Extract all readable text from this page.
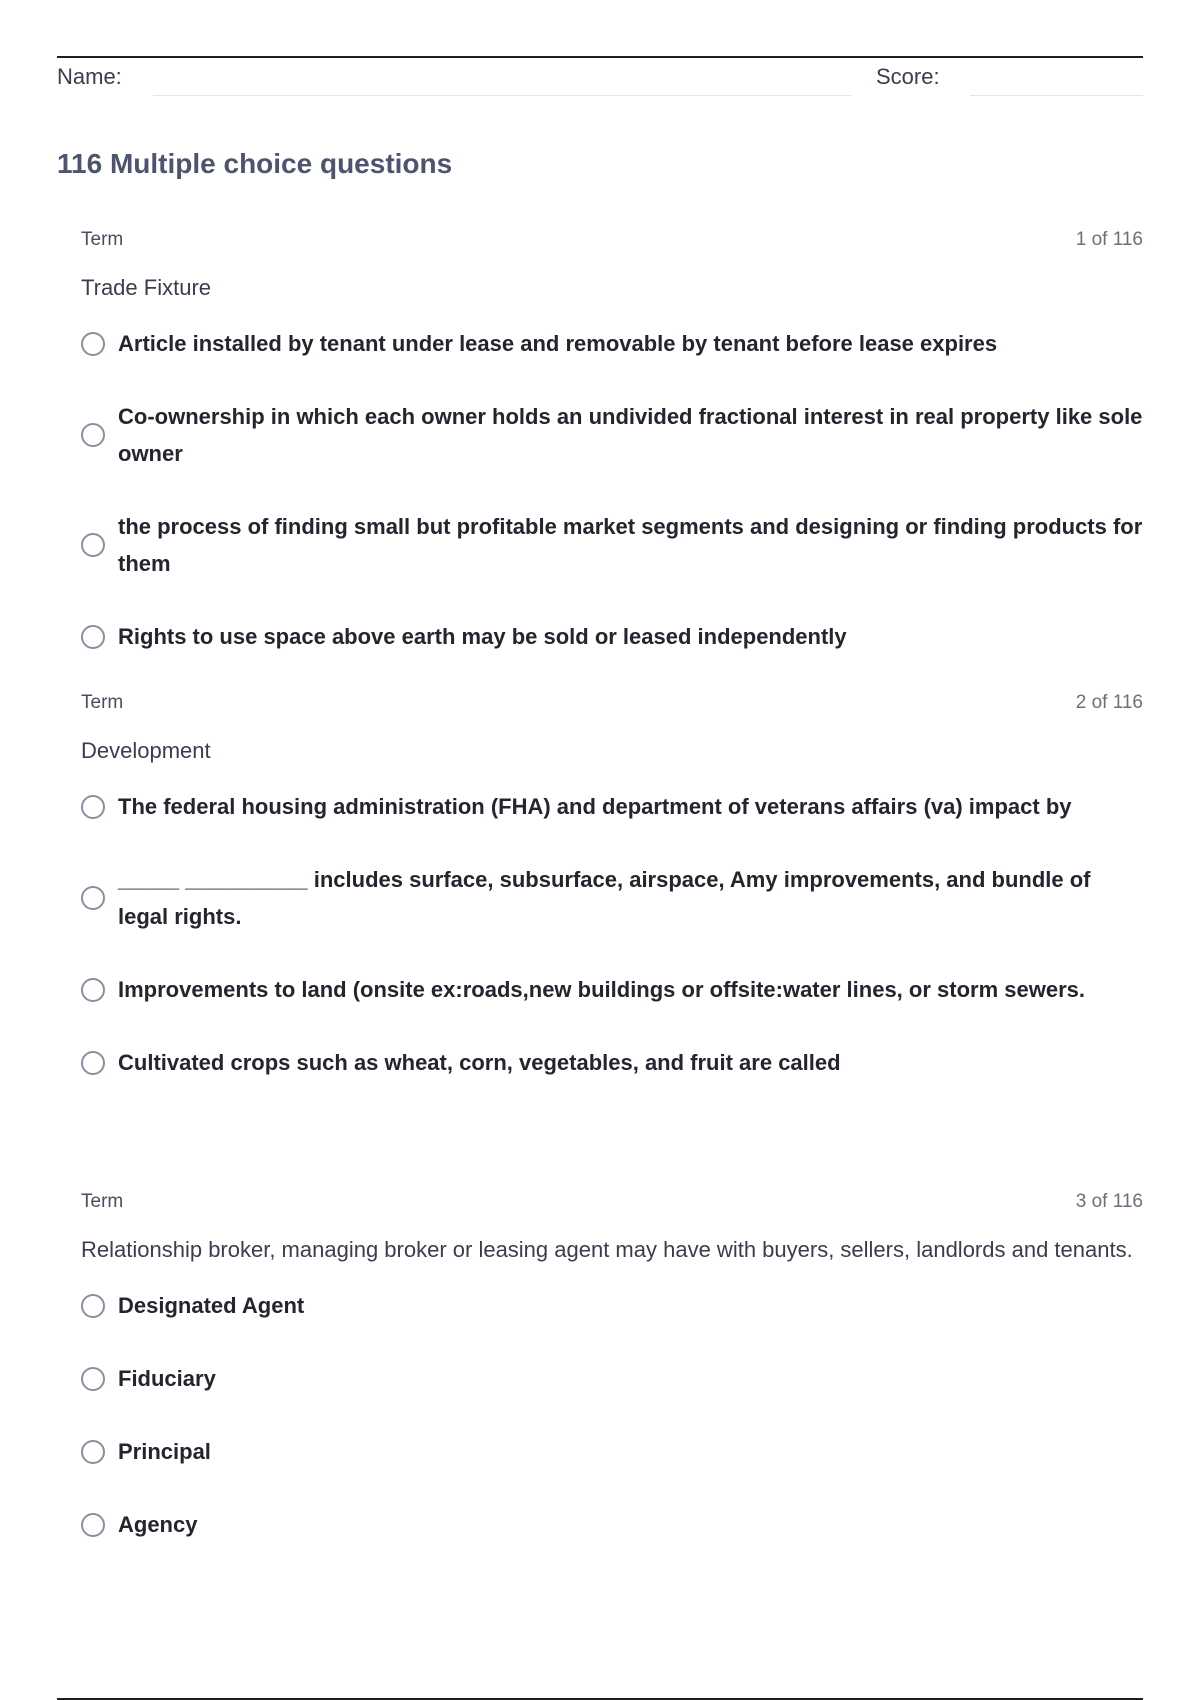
Name:	Score:
116 Multiple choice questions
Term	1 of 116
Trade Fixture
Article installed by tenant under lease and removable by tenant before lease expires
Co-ownership in which each owner holds an undivided fractional interest in real property like sole owner
the process of finding small but profitable market segments and designing or finding products for them
Rights to use space above earth may be sold or leased independently
Term	2 of 116
Development
The federal housing administration (FHA) and department of veterans affairs (va) impact by
_____ __________ includes surface, subsurface, airspace, Amy improvements, and bundle of legal rights.
Improvements to land (onsite ex:roads,new buildings or offsite:water lines, or storm sewers.
Cultivated crops such as wheat, corn, vegetables, and fruit are called
Term	3 of 116
Relationship broker, managing broker or leasing agent may have with buyers, sellers, landlords and tenants.
Designated Agent
Fiduciary
Principal
Agency
